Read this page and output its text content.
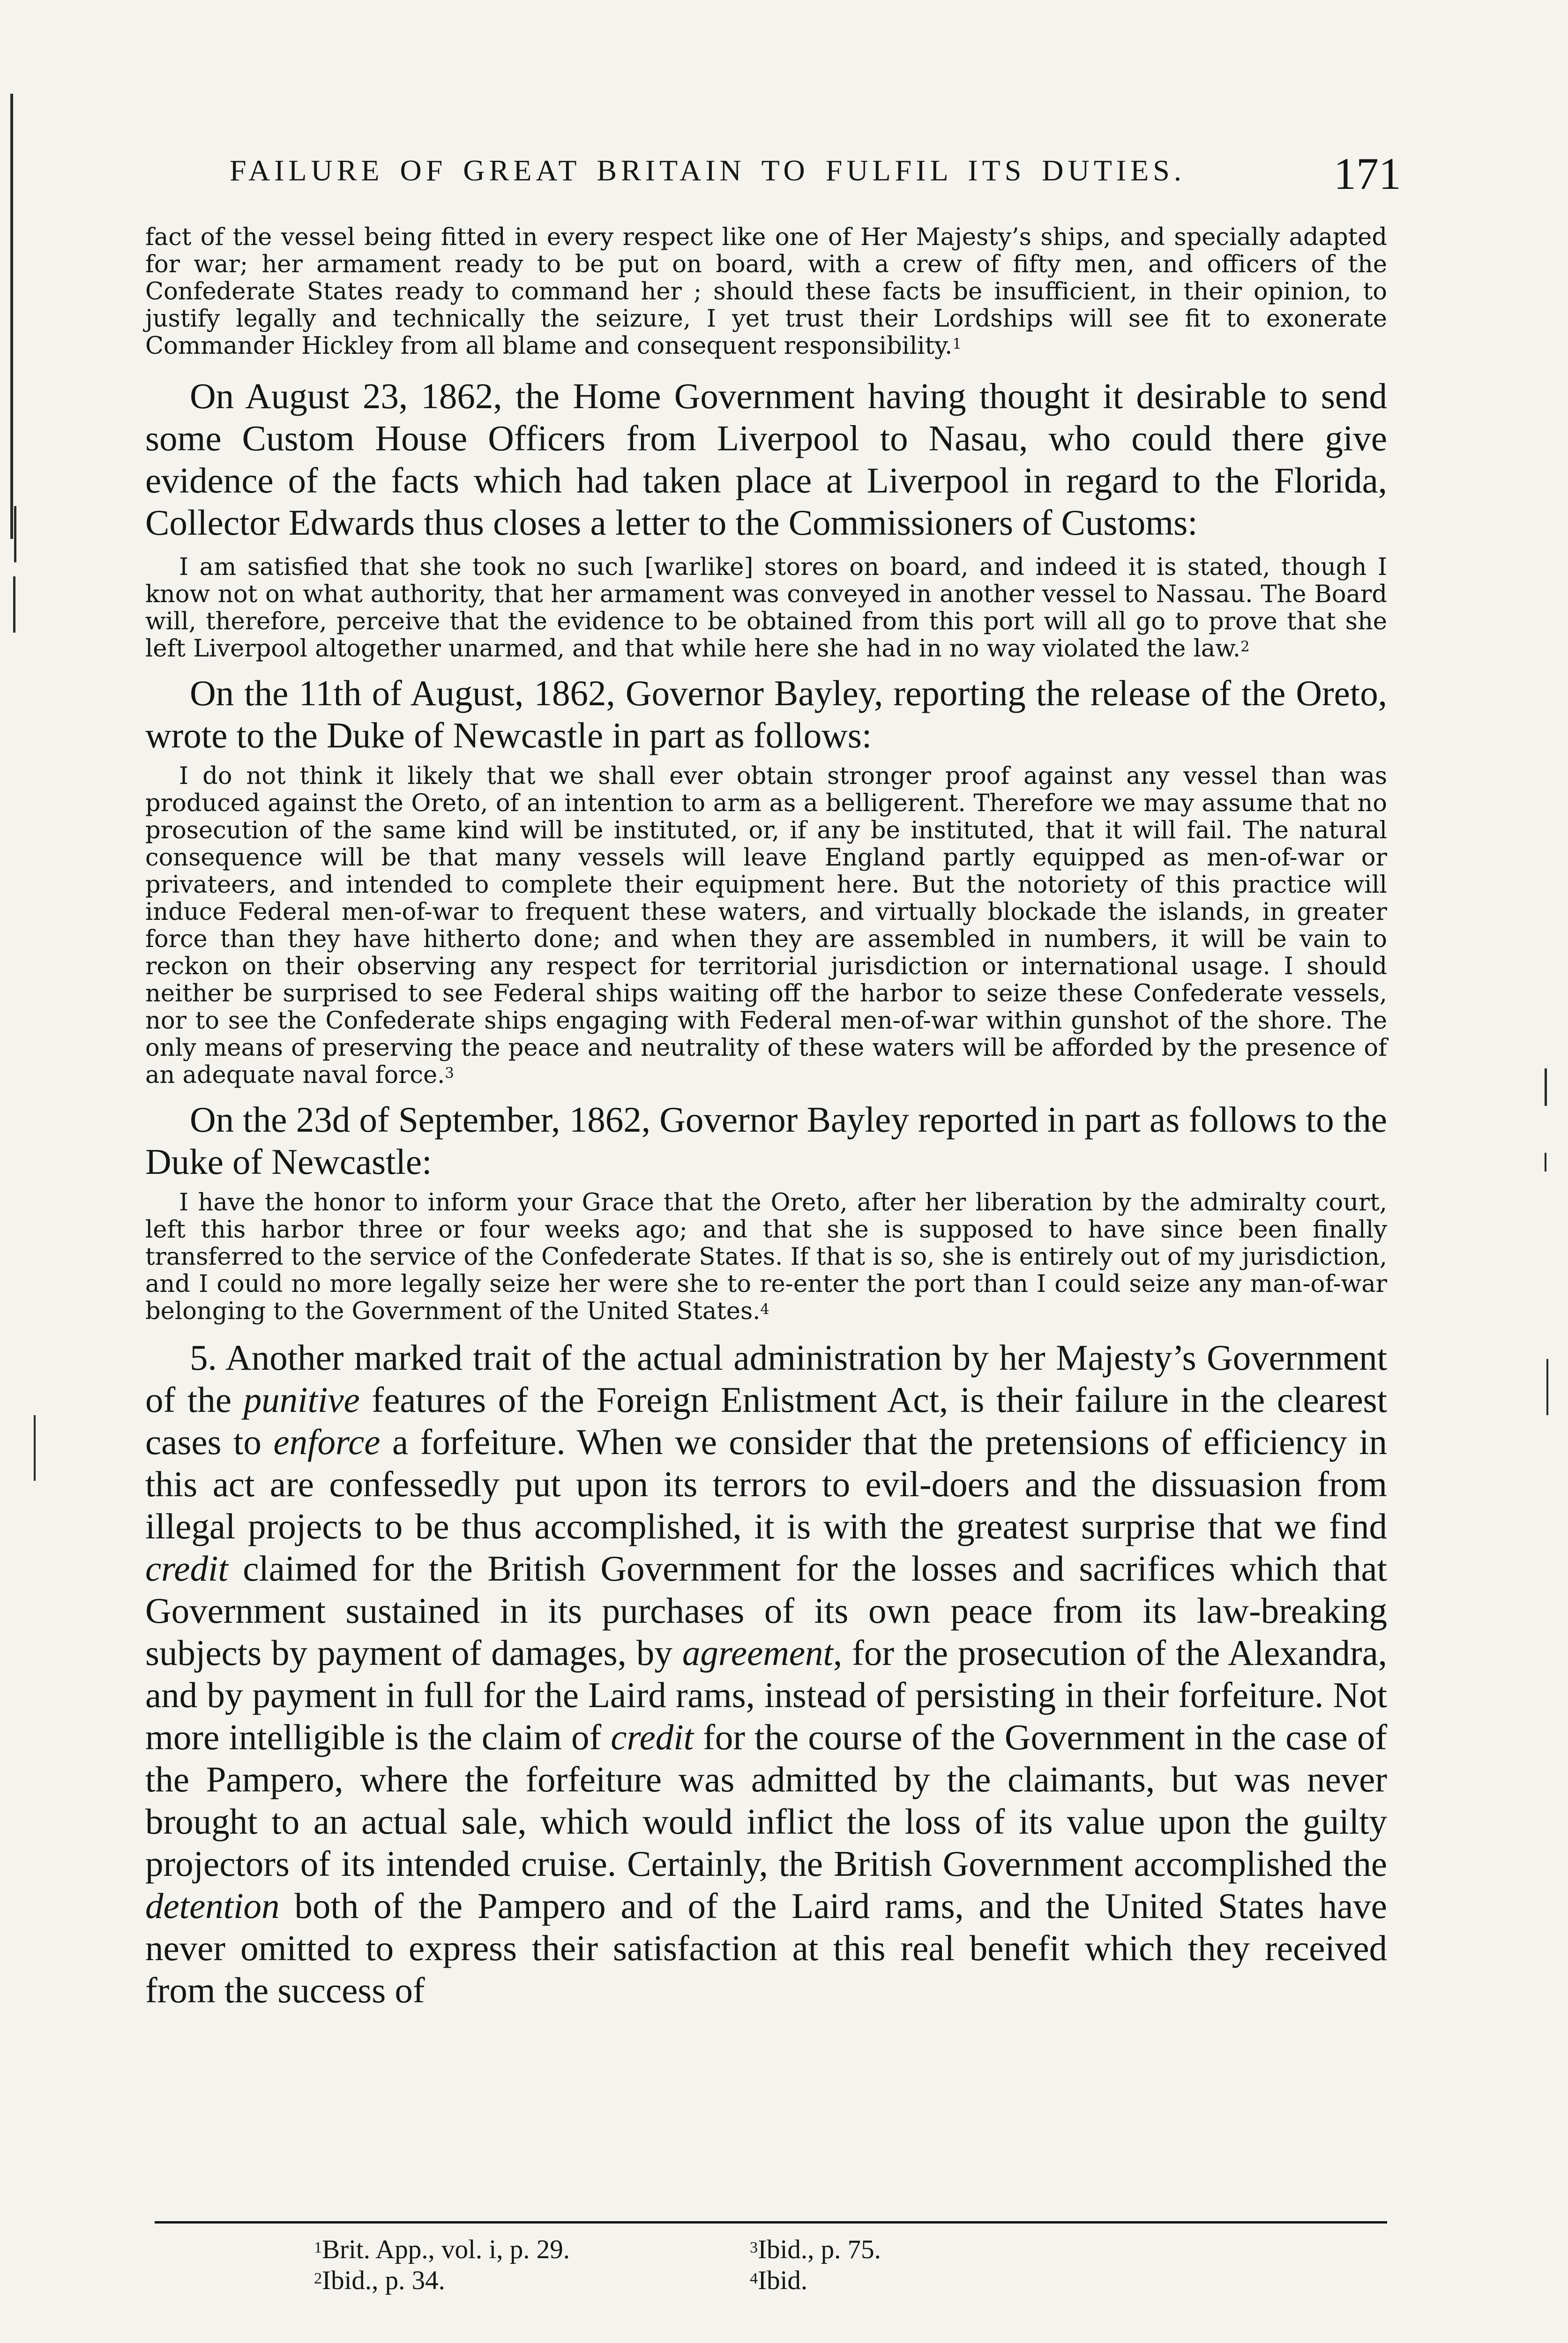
FAILURE OF GREAT BRITAIN TO FULFIL ITS DUTIES.	171

fact of the vessel being fitted in every respect like one of Her Majesty’s ships, and specially adapted for war; her armament ready to be put on board, with a crew of fifty men, and officers of the Confederate States ready to command her ; should these facts be insufficient, in their opinion, to justify legally and technically the seizure, I yet trust their Lordships will see fit to exonerate Commander Hickley from all blame and consequent responsibility.$^1$

On August 23, 1862, the Home Government having thought it desirable to send some Custom House Officers from Liverpool to Nasau, who could there give evidence of the facts which had taken place at Liverpool in regard to the Florida, Collector Edwards thus closes a letter to the Commissioners of Customs:

I am satisfied that she took no such [warlike] stores on board, and indeed it is stated, though I know not on what authority, that her armament was conveyed in another vessel to Nassau. The Board will, therefore, perceive that the evidence to be obtained from this port will all go to prove that she left Liverpool altogether unarmed, and that while here she had in no way violated the law.$^2$

On the 11th of August, 1862, Governor Bayley, reporting the release of the Oreto, wrote to the Duke of Newcastle in part as follows:

I do not think it likely that we shall ever obtain stronger proof against any vessel than was produced against the Oreto, of an intention to arm as a belligerent. Therefore we may assume that no prosecution of the same kind will be instituted, or, if any be instituted, that it will fail. The natural consequence will be that many vessels will leave England partly equipped as men-of-war or privateers, and intended to complete their equipment here. But the notoriety of this practice will induce Federal men-of-war to frequent these waters, and virtually blockade the islands, in greater force than they have hitherto done; and when they are assembled in numbers, it will be vain to reckon on their observing any respect for territorial jurisdiction or international usage. I should neither be surprised to see Federal ships waiting off the harbor to seize these Confederate vessels, nor to see the Confederate ships engaging with Federal men-of-war within gunshot of the shore. The only means of preserving the peace and neutrality of these waters will be afforded by the presence of an adequate naval force.$^3$

On the 23d of September, 1862, Governor Bayley reported in part as follows to the Duke of Newcastle:

I have the honor to inform your Grace that the Oreto, after her liberation by the admiralty court, left this harbor three or four weeks ago; and that she is supposed to have since been finally transferred to the service of the Confederate States. If that is so, she is entirely out of my jurisdiction, and I could no more legally seize her were she to re-enter the port than I could seize any man-of-war belonging to the Government of the United States.$^4$

5. Another marked trait of the actual administration by her Majesty’s Government of the punitive features of the Foreign Enlistment Act, is their failure in the clearest cases to enforce a forfeiture. When we consider that the pretensions of efficiency in this act are confessedly put upon its terrors to evil-doers and the dissuasion from illegal projects to be thus accomplished, it is with the greatest surprise that we find credit claimed for the British Government for the losses and sacrifices which that Government sustained in its purchases of its own peace from its law-breaking subjects by payment of damages, by agreement, for the prosecution of the Alexandra, and by payment in full for the Laird rams, instead of persisting in their forfeiture. Not more intelligible is the claim of credit for the course of the Government in the case of the Pampero, where the forfeiture was admitted by the claimants, but was never brought to an actual sale, which would inflict the loss of its value upon the guilty projectors of its intended cruise. Certainly, the British Government accomplished the detention both of the Pampero and of the Laird rams, and the United States have never omitted to express their satisfaction at this real benefit which they received from the success of

$^1$Brit. App., vol. i, p. 29.
$^2$Ibid., p. 34.
$^3$Ibid., p. 75.
$^4$Ibid.
